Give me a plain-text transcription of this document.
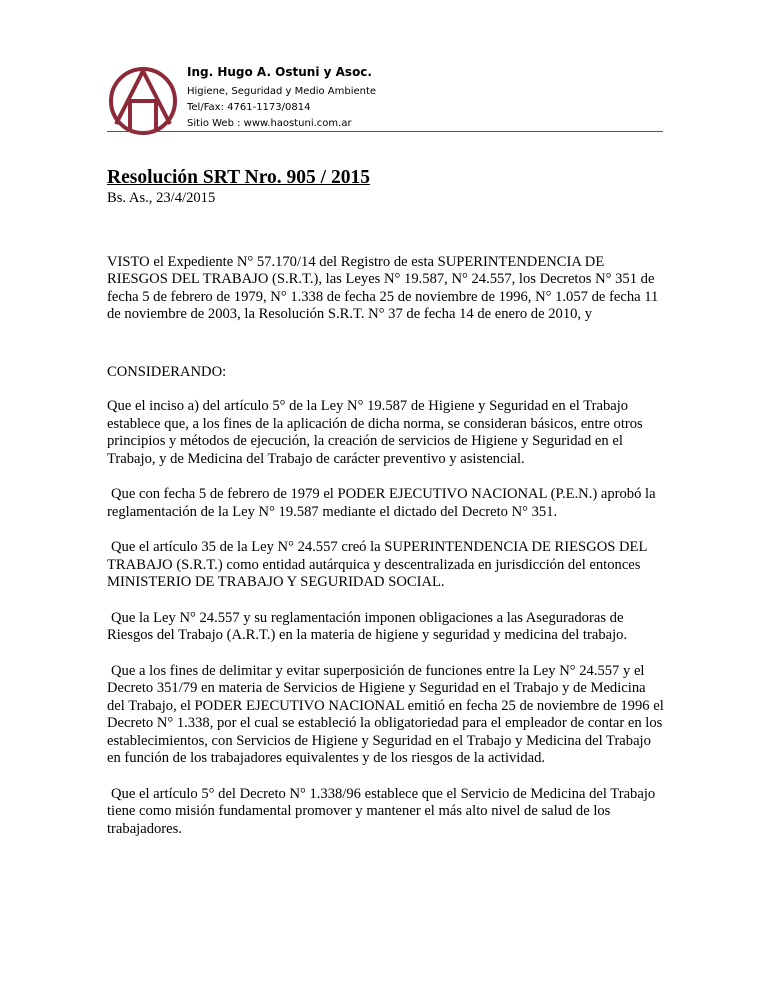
Ing. Hugo A. Ostuni y Asoc.
Higiene, Seguridad y Medio Ambiente
Tel/Fax: 4761-1173/0814
Sitio Web : www.haostuni.com.ar
Resolución SRT Nro. 905 / 2015

Bs. As., 23/4/2015

VISTO el Expediente N° 57.170/14 del Registro de esta SUPERINTENDENCIA DE RIESGOS DEL TRABAJO (S.R.T.), las Leyes N° 19.587, N° 24.557, los Decretos N° 351 de fecha 5 de febrero de 1979, N° 1.338 de fecha 25 de noviembre de 1996, N° 1.057 de fecha 11 de noviembre de 2003, la Resolución S.R.T. N° 37 de fecha 14 de enero de 2010, y

CONSIDERANDO:

Que el inciso a) del artículo 5° de la Ley N° 19.587 de Higiene y Seguridad en el Trabajo establece que, a los fines de la aplicación de dicha norma, se consideran básicos, entre otros principios y métodos de ejecución, la creación de servicios de Higiene y Seguridad en el Trabajo, y de Medicina del Trabajo de carácter preventivo y asistencial.

Que con fecha 5 de febrero de 1979 el PODER EJECUTIVO NACIONAL (P.E.N.) aprobó la reglamentación de la Ley N° 19.587 mediante el dictado del Decreto N° 351.

Que el artículo 35 de la Ley N° 24.557 creó la SUPERINTENDENCIA DE RIESGOS DEL TRABAJO (S.R.T.) como entidad autárquica y descentralizada en jurisdicción del entonces MINISTERIO DE TRABAJO Y SEGURIDAD SOCIAL.

Que la Ley N° 24.557 y su reglamentación imponen obligaciones a las Aseguradoras de Riesgos del Trabajo (A.R.T.) en la materia de higiene y seguridad y medicina del trabajo.

Que a los fines de delimitar y evitar superposición de funciones entre la Ley N° 24.557 y el Decreto 351/79 en materia de Servicios de Higiene y Seguridad en el Trabajo y de Medicina del Trabajo, el PODER EJECUTIVO NACIONAL emitió en fecha 25 de noviembre de 1996 el Decreto N° 1.338, por el cual se estableció la obligatoriedad para el empleador de contar en los establecimientos, con Servicios de Higiene y Seguridad en el Trabajo y Medicina del Trabajo en función de los trabajadores equivalentes y de los riesgos de la actividad.

Que el artículo 5° del Decreto N° 1.338/96 establece que el Servicio de Medicina del Trabajo tiene como misión fundamental promover y mantener el más alto nivel de salud de los trabajadores.
